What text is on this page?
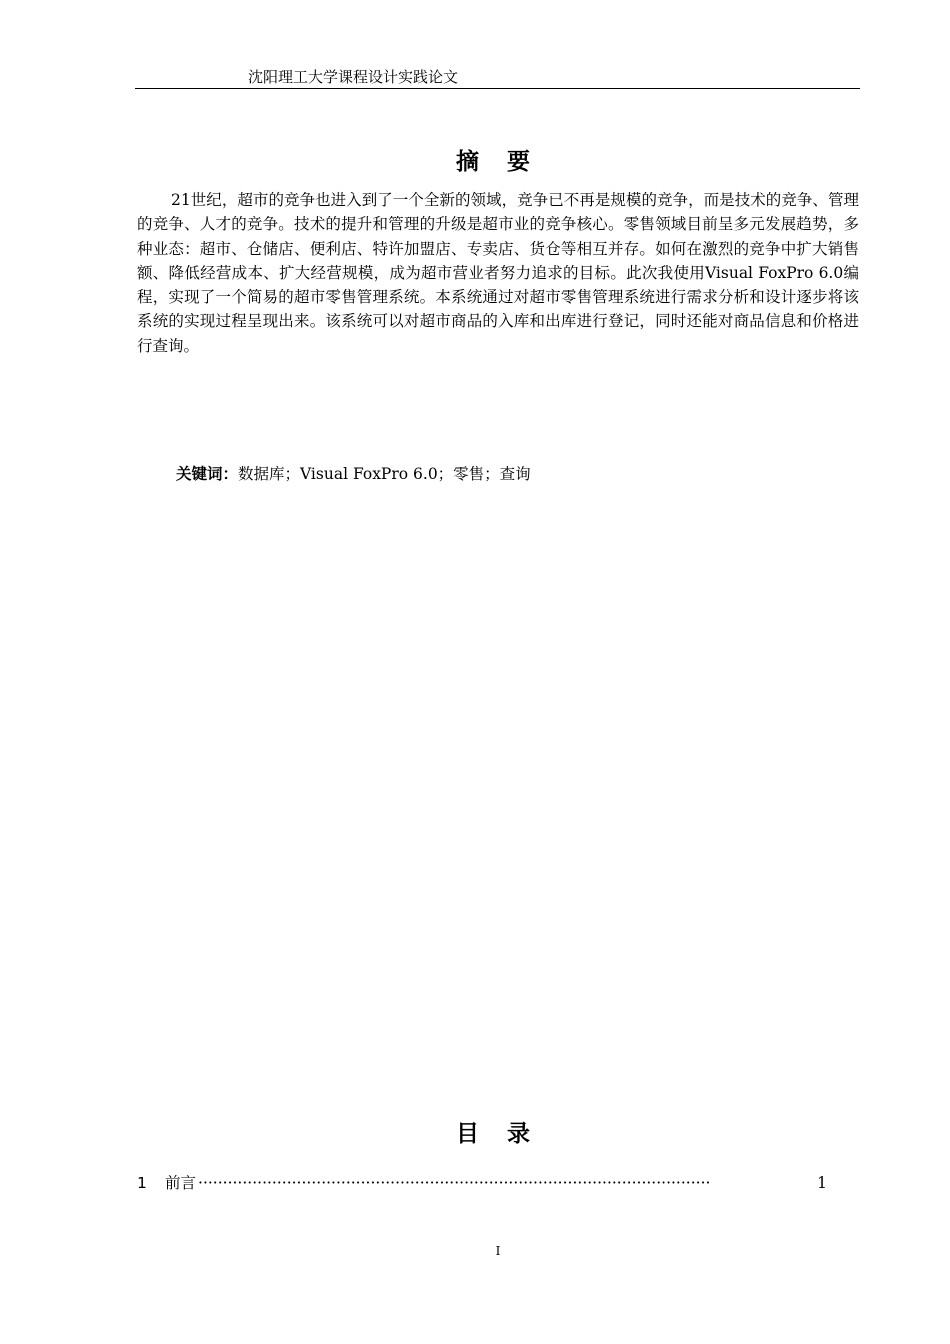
沈阳理工大学课程设计实践论文
摘 要

21世纪，超市的竞争也进入到了一个全新的领域，竞争已不再是规模的竞争，而是技术的竞争、管理的竞争、人才的竞争。技术的提升和管理的升级是超市业的竞争核心。零售领域目前呈多元发展趋势，多种业态：超市、仓储店、便利店、特许加盟店、专卖店、货仓等相互并存。如何在激烈的竞争中扩大销售额、降低经营成本、扩大经营规模，成为超市营业者努力追求的目标。此次我使用Visual FoxPro 6.0编程，实现了一个简易的超市零售管理系统。本系统通过对超市零售管理系统进行需求分析和设计逐步将该系统的实现过程呈现出来。该系统可以对超市商品的入库和出库进行登记，同时还能对商品信息和价格进行查询。

关键词：数据库；Visual FoxPro 6.0；零售；查询
目 录
1	前言 ········································································································	1
I
